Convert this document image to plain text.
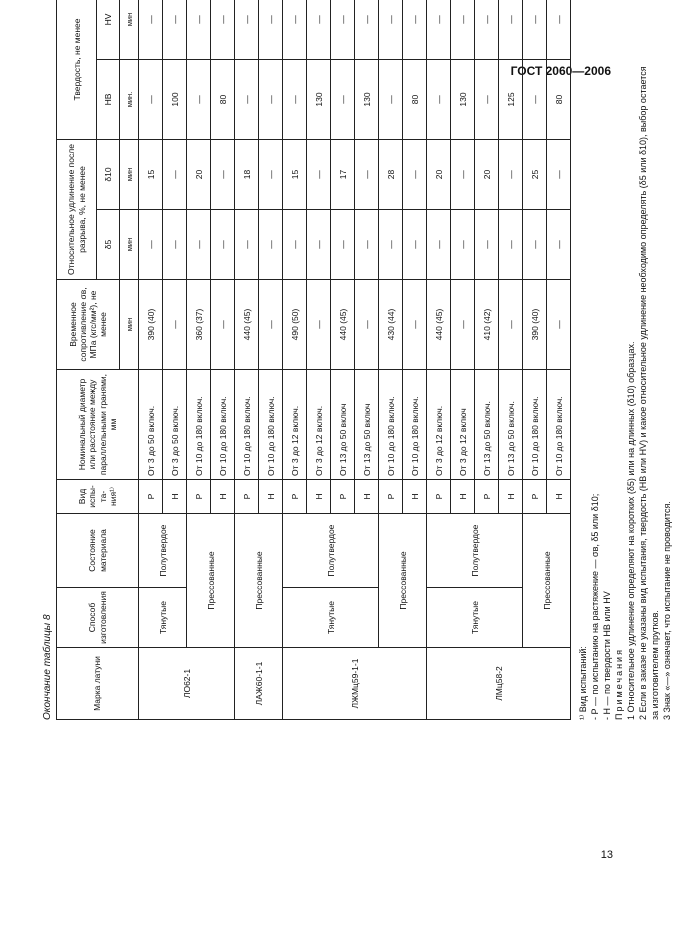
ГОСТ 2060—2006
Окончание таблицы 8	Марка латуни	Способ изготовления	Состояние материала	Вид испы-та-ния¹⁾	Номинальный диаметр или расстояние между параллельными гранями, мм	Временное сопротивление σв, МПа (кгс/мм²), не менее	Относительное удлинение после разрыва, %, не менее		Твердость, не менее	
						δ5	δ10	НВ	HV
					мин	мин	мин	мин.	мин
ЛО62-1	Тянутые	Полутвердое	Р	От 3 до 50 включ.	390 (40)	—	15	—	—
			Н	От 3 до 50 включ.	—	—	—	100	—
	Прессованные		Р	От 10 до 180 включ.	360 (37)	—	20	—	—
			Н	От 10 до 180 включ.	—	—	—	80	—
ЛАЖ60-1-1	Прессованные		Р	От 10 до 180 включ.	440 (45)	—	18	—	—
			Н	От 10 до 180 включ.	—	—	—	—	—
ЛЖМц59-1-1	Тянутые	Полутвердое	Р	От 3 до 12 включ.	490 (50)	—	15	—	—
			Н	От 3 до 12 включ.	—	—	—	130	—
			Р	От 13 до 50 включ	440 (45)	—	17	—	—
			Н	От 13 до 50 включ	—	—	—	130	—
	Прессованные		Р	От 10 до 180 включ.	430 (44)	—	28	—	—
			Н	От 10 до 180 включ.	—	—	—	80	—
ЛМц58-2	Тянутые	Полутвердое	Р	От 3 до 12 включ.	440 (45)	—	20	—	—
			Н	От 3 до 12 включ	—	—	—	130	—
			Р	От 13 до 50 включ.	410 (42)	—	20	—	—
			Н	От 13 до 50 включ.	—	—	—	125	—
	Прессованные		Р	От 10 до 180 включ.	390 (40)	—	25	—	—
			Н	От 10 до 180 включ.	—	—	—	80	—
¹⁾ Вид испытаний: - Р — по испытанию на растяжение — σв, δ5 или δ10; - Н — по твердости НВ или HV Примечания 1 Относительное удлинение определяют на коротких (δ5) или на длинных (δ10) образцах. 2 Если в заказе не указаны вид испытания, твердость (НВ или HV) и какое относительное удлинение необходимо определять (δ5 или δ10), выбор остается за изготовителем прутков. 3 Знак «—» означает, что испытание не проводится.
13
